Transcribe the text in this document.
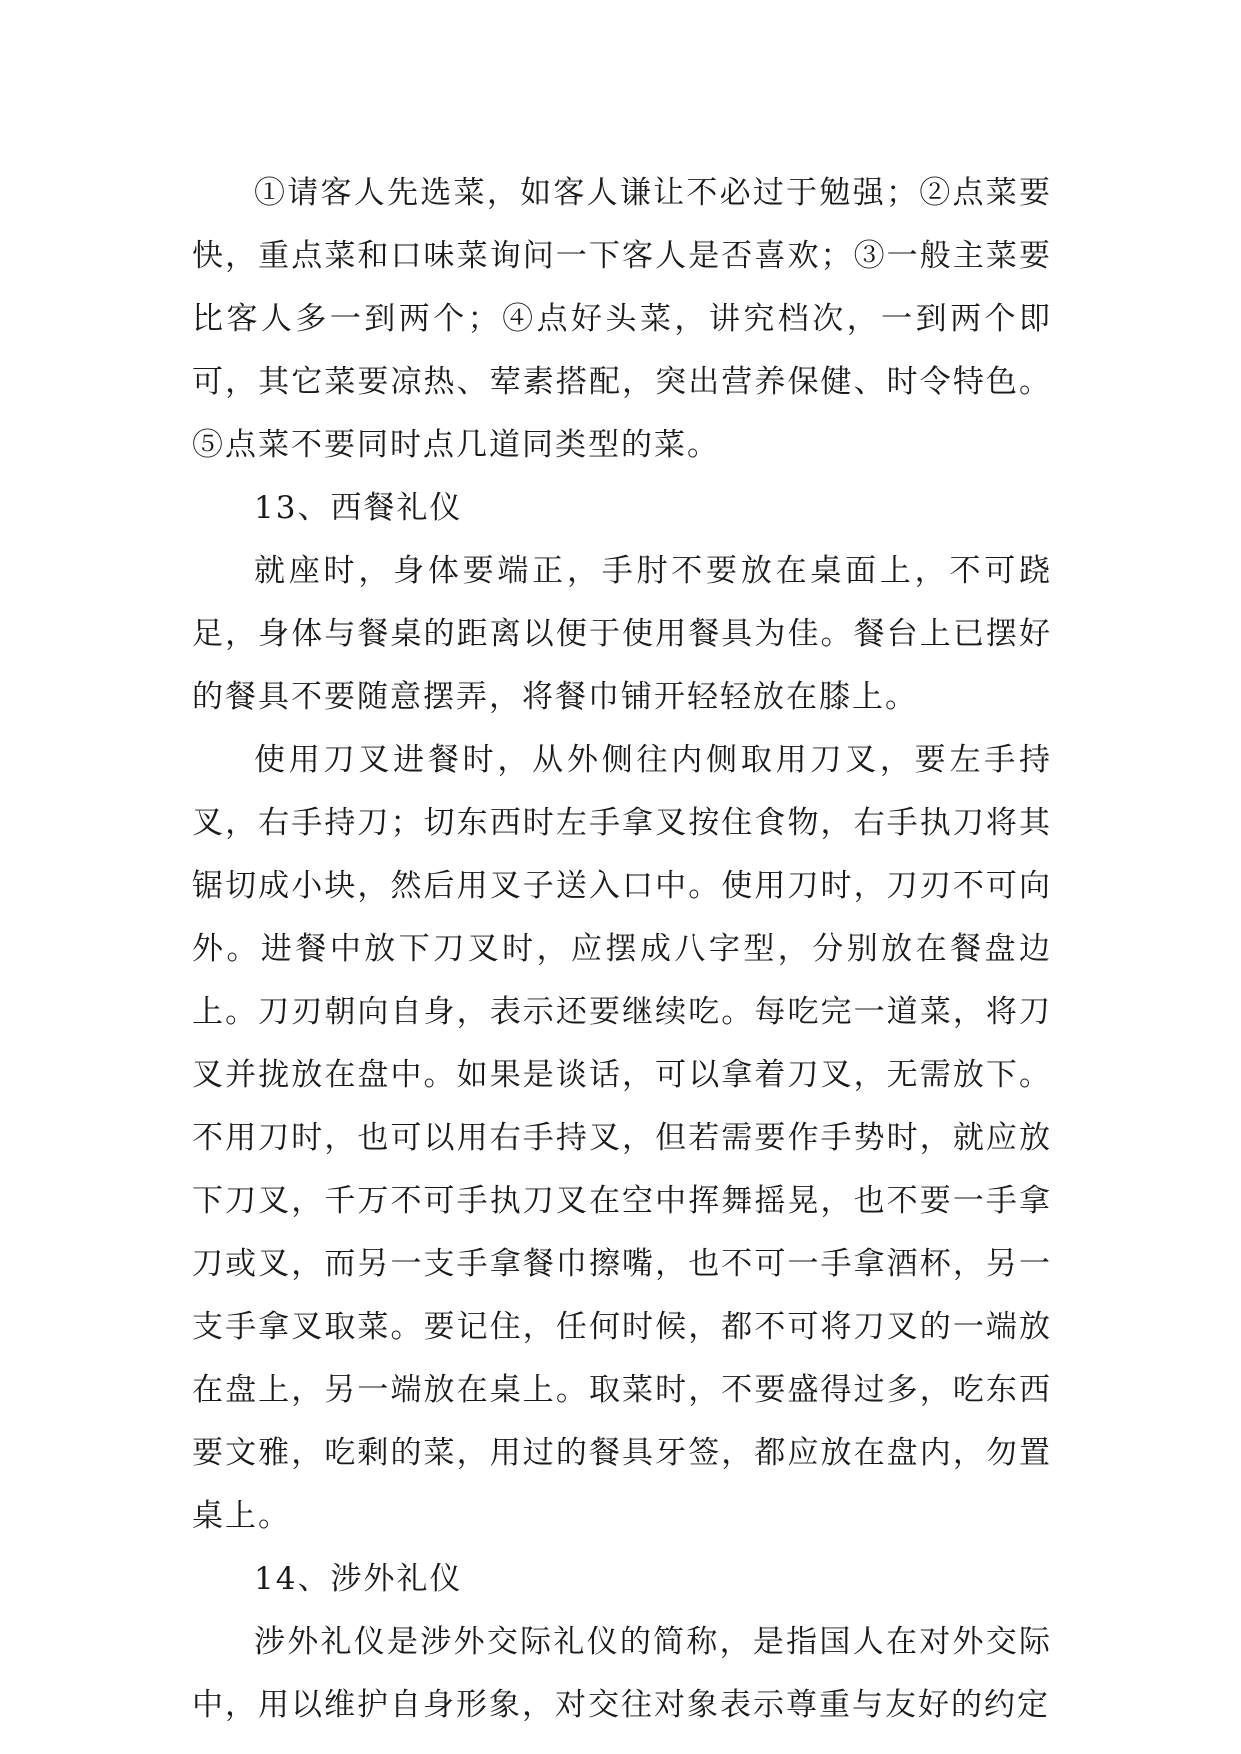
①请客人先选菜，如客人谦让不必过于勉强；②点菜要快，重点菜和口味菜询问一下客人是否喜欢；③一般主菜要比客人多一到两个；④点好头菜，讲究档次，一到两个即可，其它菜要凉热、荤素搭配，突出营养保健、时令特色。⑤点菜不要同时点几道同类型的菜。

13、西餐礼仪

就座时，身体要端正，手肘不要放在桌面上，不可跷足，身体与餐桌的距离以便于使用餐具为佳。餐台上已摆好的餐具不要随意摆弄，将餐巾铺开轻轻放在膝上。

使用刀叉进餐时，从外侧往内侧取用刀叉，要左手持叉，右手持刀；切东西时左手拿叉按住食物，右手执刀将其锯切成小块，然后用叉子送入口中。使用刀时，刀刃不可向外。进餐中放下刀叉时，应摆成八字型，分别放在餐盘边上。刀刃朝向自身，表示还要继续吃。每吃完一道菜，将刀叉并拢放在盘中。如果是谈话，可以拿着刀叉，无需放下。不用刀时，也可以用右手持叉，但若需要作手势时，就应放下刀叉，千万不可手执刀叉在空中挥舞摇晃，也不要一手拿刀或叉，而另一支手拿餐巾擦嘴，也不可一手拿酒杯，另一支手拿叉取菜。要记住，任何时候，都不可将刀叉的一端放在盘上，另一端放在桌上。取菜时，不要盛得过多，吃东西要文雅，吃剩的菜，用过的餐具牙签，都应放在盘内，勿置桌上。

14、涉外礼仪

涉外礼仪是涉外交际礼仪的简称，是指国人在对外交际中，用以维护自身形象，对交往对象表示尊重与友好的约定
